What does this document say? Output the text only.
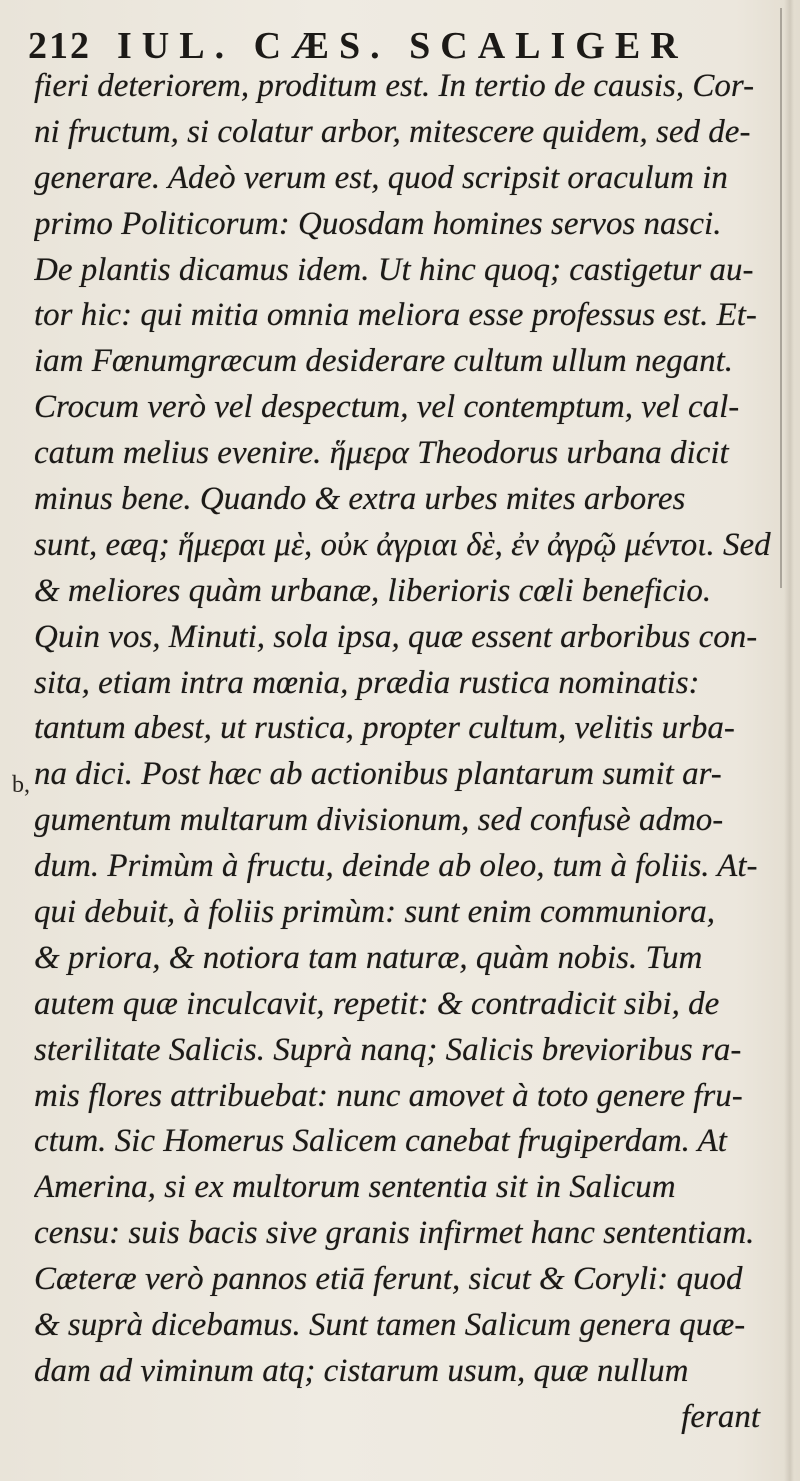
212 IUL. CÆS. SCALIGER
b,
fieri deteriorem, proditum est. In tertio de causis, Cor-
ni fructum, si colatur arbor, mitescere quidem, sed de-
generare. Adeò verum est, quod scripsit oraculum in
primo Politicorum: Quosdam homines servos nasci.
De plantis dicamus idem. Ut hinc quoq; castigetur au-
tor hic: qui mitia omnia meliora esse professus est. Et-
iam Fœnumgræcum desiderare cultum ullum negant.
Crocum verò vel despectum, vel contemptum, vel cal-
catum melius evenire. ἥμερα Theodorus urbana dicit
minus bene. Quando & extra urbes mites arbores
sunt, eæq; ἥμεραι μὲ, οὐκ ἀγριαι δὲ, ἐν ἀγρῷ μέντοι. Sed
& meliores quàm urbanæ, liberioris cœli beneficio.
Quin vos, Minuti, sola ipsa, quæ essent arboribus con-
sita, etiam intra mœnia, prædia rustica nominatis:
tantum abest, ut rustica, propter cultum, velitis urba-
na dici. Post hæc ab actionibus plantarum sumit ar-
gumentum multarum divisionum, sed confusè admo-
dum. Primùm à fructu, deinde ab oleo, tum à foliis. At-
qui debuit, à foliis primùm: sunt enim communiora,
& priora, & notiora tam naturæ, quàm nobis. Tum
autem quæ inculcavit, repetit: & contradicit sibi, de
sterilitate Salicis. Suprà nanq; Salicis brevioribus ra-
mis flores attribuebat: nunc amovet à toto genere fru-
ctum. Sic Homerus Salicem canebat frugiperdam. At
Amerina, si ex multorum sententia sit in Salicum
censu: suis bacis sive granis infirmet hanc sententiam.
Cæteræ verò pannos etiā ferunt, sicut & Coryli: quod
& suprà dicebamus. Sunt tamen Salicum genera quæ-
dam ad viminum atq; cistarum usum, quæ nullum
ferant
